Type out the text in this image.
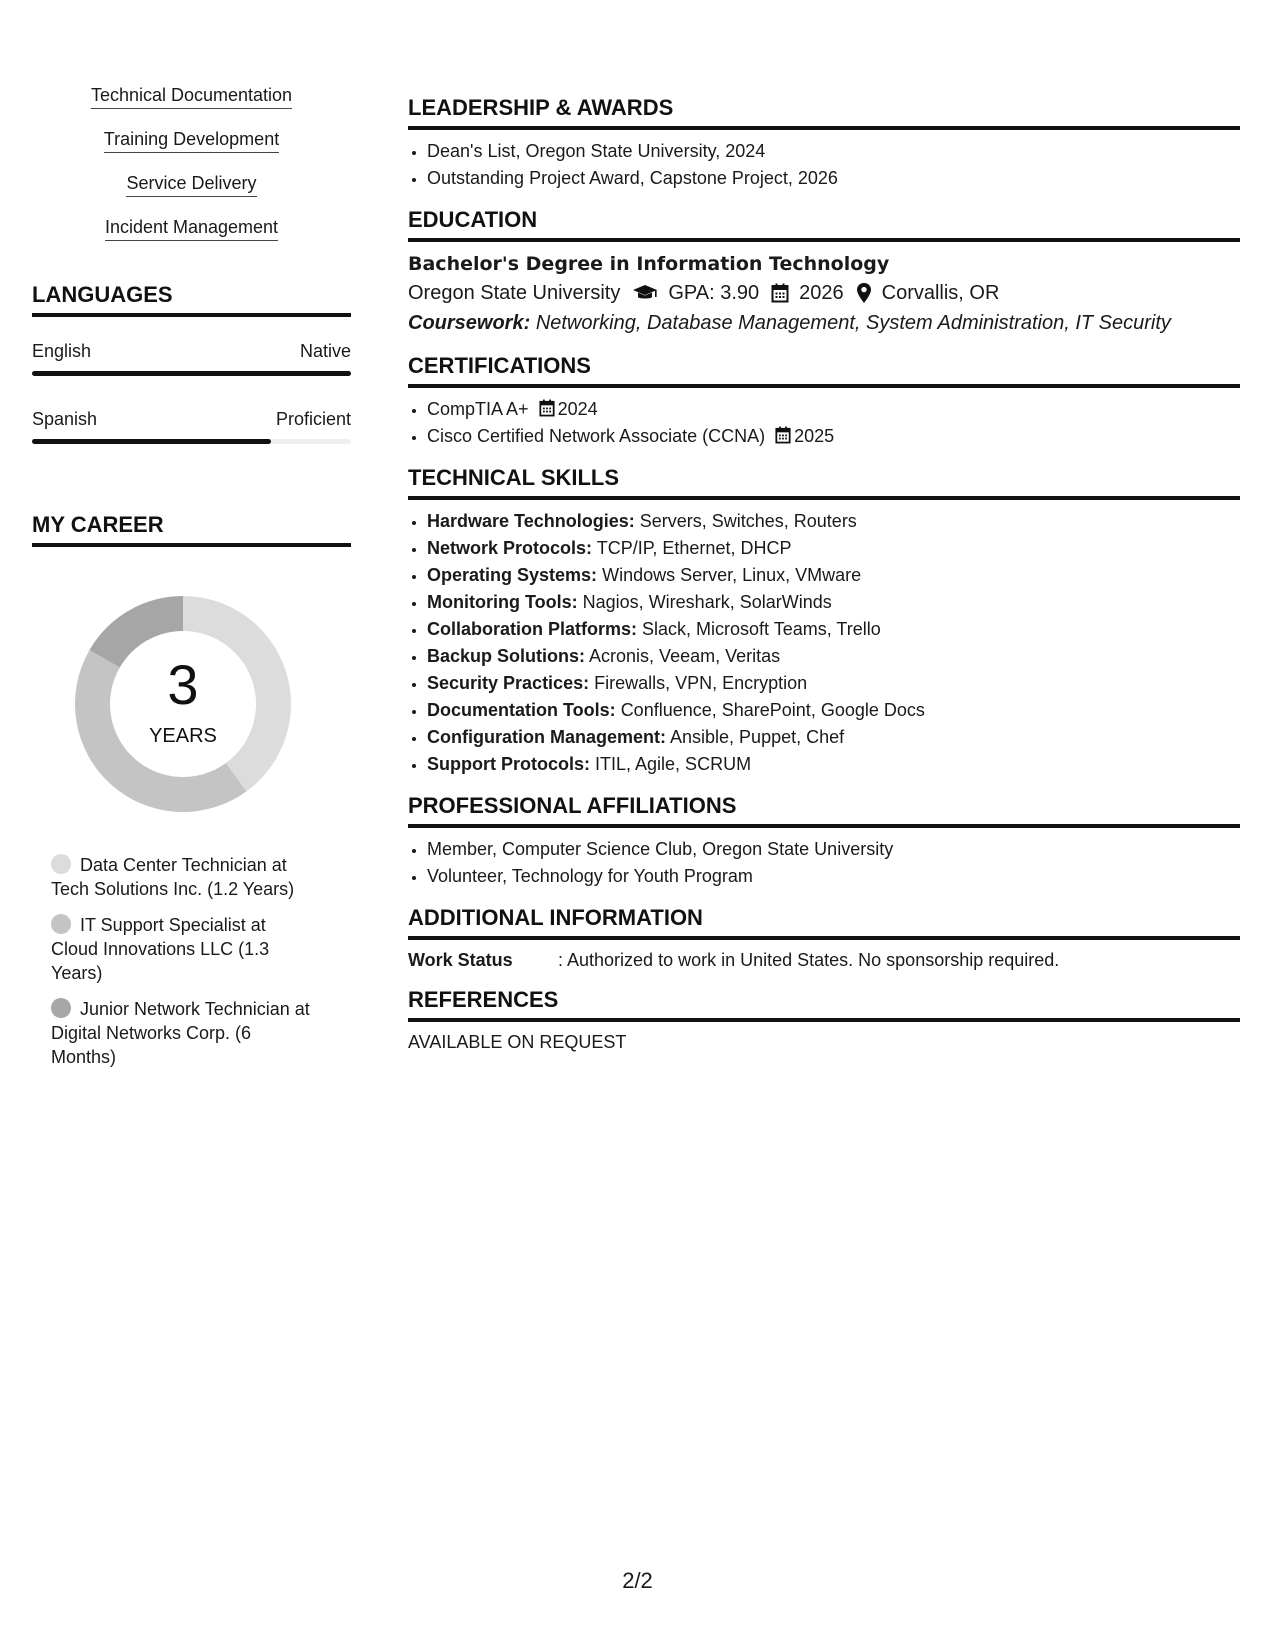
Technical Documentation
Training Development
Service Delivery
Incident Management
LANGUAGES
English	Native
Spanish	Proficient
MY CAREER
3
YEARS
Data Center Technician at Tech Solutions Inc. (1.2 Years)
IT Support Specialist at Cloud Innovations LLC (1.3 Years)
Junior Network Technician at Digital Networks Corp. (6 Months)
LEADERSHIP & AWARDS
• Dean's List, Oregon State University, 2024
• Outstanding Project Award, Capstone Project, 2026
EDUCATION
Bachelor's Degree in Information Technology
Oregon State University GPA: 3.90 2026 Corvallis, OR
Coursework: Networking, Database Management, System Administration, IT Security
CERTIFICATIONS
• CompTIA A+ 2024
• Cisco Certified Network Associate (CCNA) 2025
TECHNICAL SKILLS
• Hardware Technologies: Servers, Switches, Routers
• Network Protocols: TCP/IP, Ethernet, DHCP
• Operating Systems: Windows Server, Linux, VMware
• Monitoring Tools: Nagios, Wireshark, SolarWinds
• Collaboration Platforms: Slack, Microsoft Teams, Trello
• Backup Solutions: Acronis, Veeam, Veritas
• Security Practices: Firewalls, VPN, Encryption
• Documentation Tools: Confluence, SharePoint, Google Docs
• Configuration Management: Ansible, Puppet, Chef
• Support Protocols: ITIL, Agile, SCRUM
PROFESSIONAL AFFILIATIONS
• Member, Computer Science Club, Oregon State University
• Volunteer, Technology for Youth Program
ADDITIONAL INFORMATION
Work Status	: Authorized to work in United States. No sponsorship required.
REFERENCES
AVAILABLE ON REQUEST
2/2
